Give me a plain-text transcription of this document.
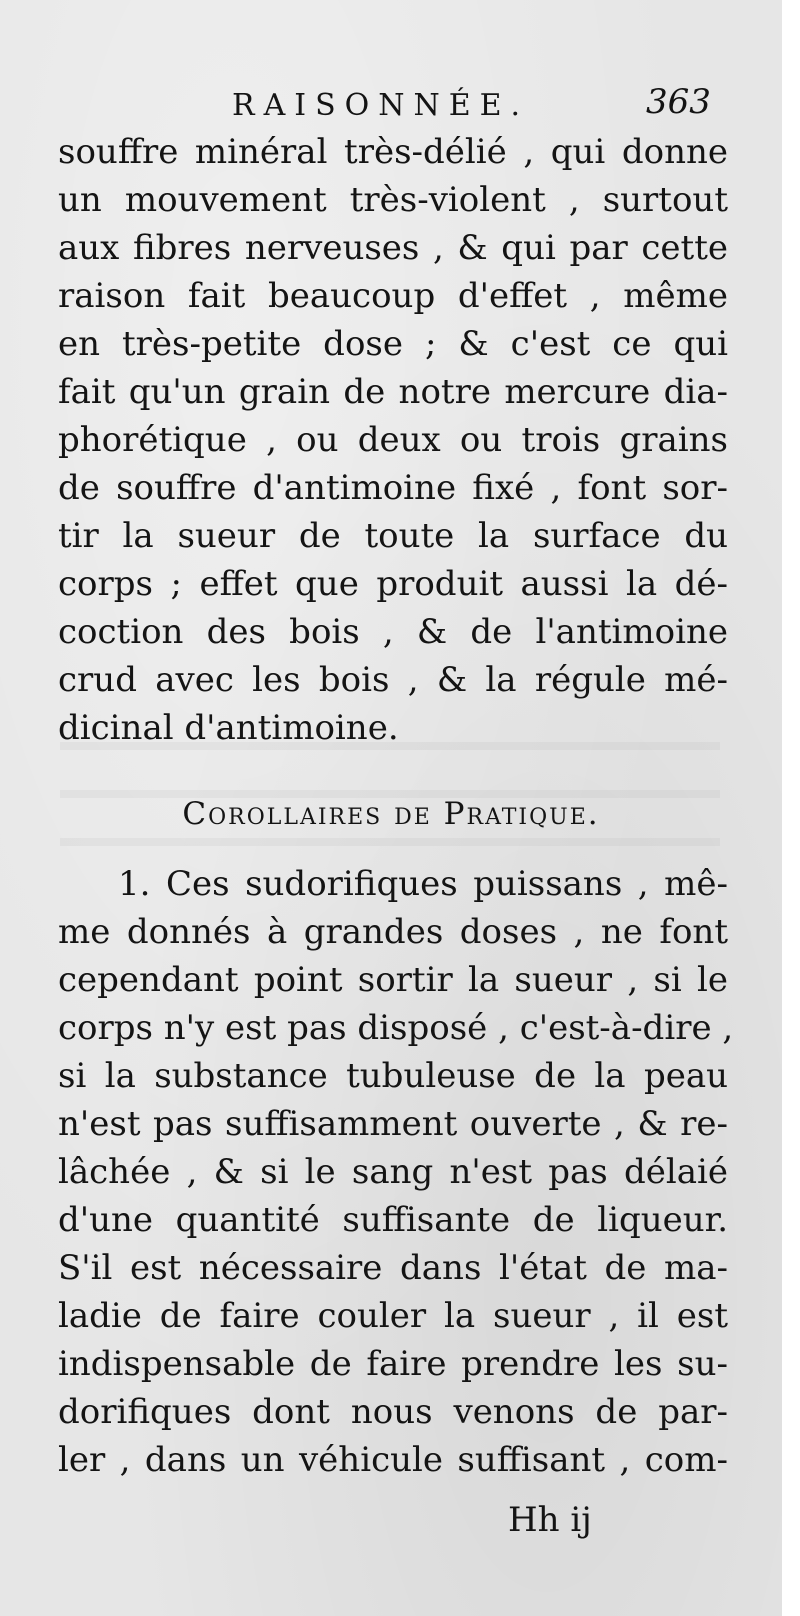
RAISONNÉE.	363
souffre minéral très-délié , qui donne
un mouvement très-violent , surtout
aux fibres nerveuses , & qui par cette
raison fait beaucoup d'effet , même
en très-petite dose ; & c'est ce qui
fait qu'un grain de notre mercure dia-
phorétique , ou deux ou trois grains
de souffre d'antimoine fixé , font sor-
tir la sueur de toute la surface du
corps ; effet que produit aussi la dé-
coction des bois , & de l'antimoine
crud avec les bois , & la régule mé-
dicinal d'antimoine.
Corollaires de Pratique.
1. Ces sudorifiques puissans , mê-
me donnés à grandes doses , ne font
cependant point sortir la sueur , si le
corps n'y est pas disposé , c'est-à-dire ,
si la substance tubuleuse de la peau
n'est pas suffisamment ouverte , & re-
lâchée , & si le sang n'est pas délaié
d'une quantité suffisante de liqueur.
S'il est nécessaire dans l'état de ma-
ladie de faire couler la sueur , il est
indispensable de faire prendre les su-
dorifiques dont nous venons de par-
ler , dans un véhicule suffisant , com-
Hh ij
